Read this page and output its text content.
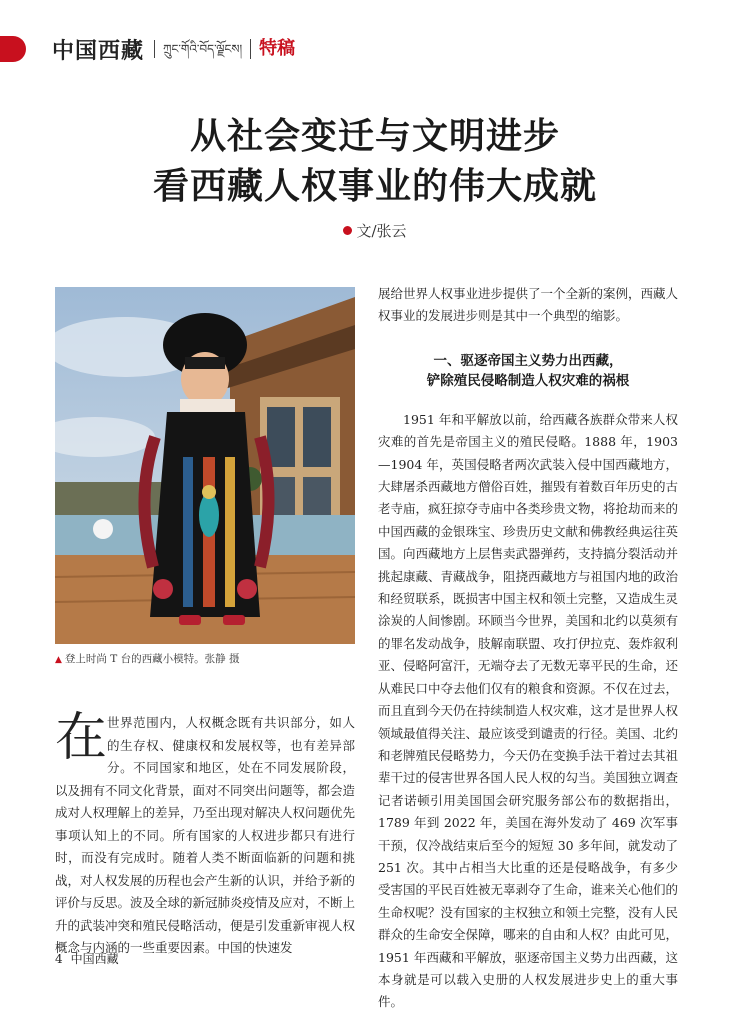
中国西藏	ཀྲུང་གོའི་བོད་ལྗོངས། 特稿
从社会变迁与文明进步
看西藏人权事业的伟大成就
文/张云
▲ 登上时尚 T 台的西藏小模特。张静 摄
在世界范围内，人权概念既有共识部分，如人的生存权、健康权和发展权等，也有差异部分。不同国家和地区，处在不同发展阶段，以及拥有不同文化背景，面对不同突出问题等，都会造成对人权理解上的差异，乃至出现对解决人权问题优先事项认知上的不同。所有国家的人权进步都只有进行时，而没有完成时。随着人类不断面临新的问题和挑战，对人权发展的历程也会产生新的认识，并给予新的评价与反思。波及全球的新冠肺炎疫情及应对，不断上升的武装冲突和殖民侵略活动，便是引发重新审视人权概念与内涵的一些重要因素。中国的快速发

展给世界人权事业进步提供了一个全新的案例，西藏人权事业的发展进步则是其中一个典型的缩影。

一、驱逐帝国主义势力出西藏，
铲除殖民侵略制造人权灾难的祸根

1951 年和平解放以前，给西藏各族群众带来人权灾难的首先是帝国主义的殖民侵略。1888 年，1903—1904 年，英国侵略者两次武装入侵中国西藏地方，大肆屠杀西藏地方僧俗百姓，摧毁有着数百年历史的古老寺庙，疯狂掠夺寺庙中各类珍贵文物，将抢劫而来的中国西藏的金银珠宝、珍贵历史文献和佛教经典运往英国。向西藏地方上层售卖武器弹药，支持搞分裂活动并挑起康藏、青藏战争，阻挠西藏地方与祖国内地的政治和经贸联系，既损害中国主权和领土完整，又造成生灵涂炭的人间惨剧。环顾当今世界，美国和北约以莫须有的罪名发动战争，肢解南联盟、攻打伊拉克、轰炸叙利亚、侵略阿富汗，无端夺去了无数无辜平民的生命，还从难民口中夺去他们仅有的粮食和资源。不仅在过去，而且直到今天仍在持续制造人权灾难，这才是世界人权领域最值得关注、最应该受到谴责的行径。美国、北约和老牌殖民侵略势力，今天仍在变换手法干着过去其祖辈干过的侵害世界各国人民人权的勾当。美国独立调查记者诺顿引用美国国会研究服务部公布的数据指出，1789 年到 2022 年，美国在海外发动了 469 次军事干预，仅冷战结束后至今的短短 30 多年间，就发动了 251 次。其中占相当大比重的还是侵略战争，有多少受害国的平民百姓被无辜剥夺了生命，谁来关心他们的生命权呢？没有国家的主权独立和领土完整，没有人民群众的生命安全保障，哪来的自由和人权？由此可见，1951 年西藏和平解放，驱逐帝国主义势力出西藏，这本身就是可以载入史册的人权发展进步史上的重大事件。

4 中国西藏
